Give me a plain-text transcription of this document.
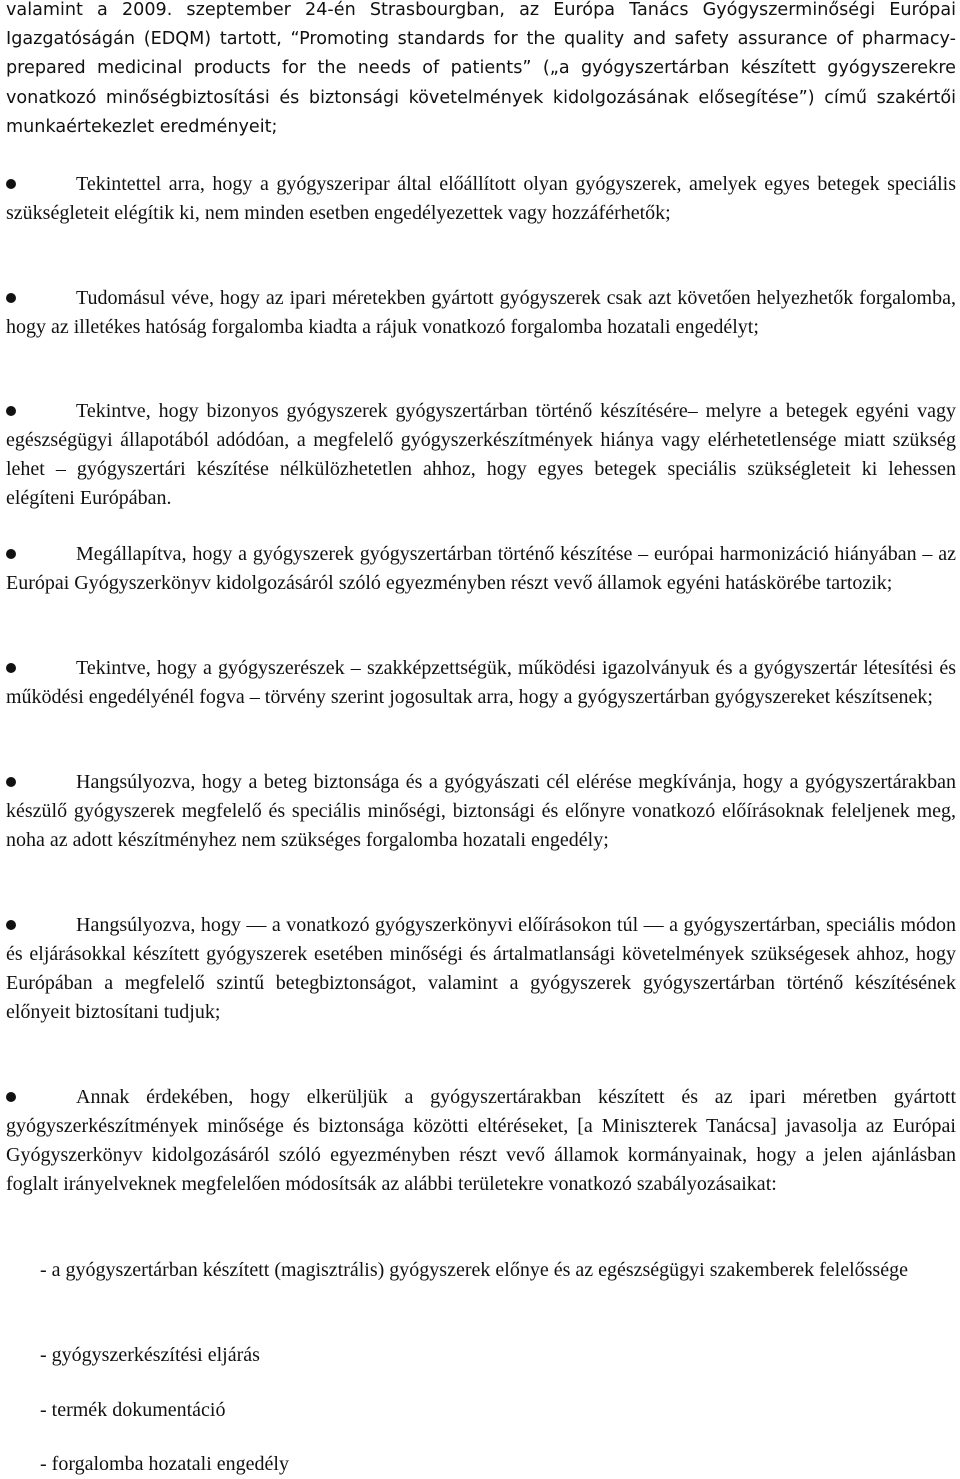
valamint a 2009. szeptember 24-én Strasbourgban, az Európa Tanács Gyógyszerminőségi Európai Igazgatóságán (EDQM) tartott, “Promoting standards for the quality and safety assurance of pharmacy-prepared medicinal products for the needs of patients” („a gyógyszertárban készített gyógyszerekre vonatkozó minőségbiztosítási és biztonsági követelmények kidolgozásának elősegítése”) című szakértői munkaértekezlet eredményeit;

Tekintettel arra, hogy a gyógyszeripar által előállított olyan gyógyszerek, amelyek egyes betegek speciális szükségleteit elégítik ki, nem minden esetben engedélyezettek vagy hozzáférhetők;

Tudomásul véve, hogy az ipari méretekben gyártott gyógyszerek csak azt követően helyezhetők forgalomba, hogy az illetékes hatóság forgalomba kiadta a rájuk vonatkozó forgalomba hozatali engedélyt;

Tekintve, hogy bizonyos gyógyszerek gyógyszertárban történő készítésére– melyre a betegek egyéni vagy egészségügyi állapotából adódóan, a megfelelő gyógyszerkészítmények hiánya vagy elérhetetlensége miatt szükség lehet – gyógyszertári készítése nélkülözhetetlen ahhoz, hogy egyes betegek speciális szükségleteit ki lehessen elégíteni Európában.

Megállapítva, hogy a gyógyszerek gyógyszertárban történő készítése – európai harmonizáció hiányában – az Európai Gyógyszerkönyv kidolgozásáról szóló egyezményben részt vevő államok egyéni hatáskörébe tartozik;

Tekintve, hogy a gyógyszerészek – szakképzettségük, működési igazolványuk és a gyógyszertár létesítési és működési engedélyénél fogva – törvény szerint jogosultak arra, hogy a gyógyszertárban gyógyszereket készítsenek;

Hangsúlyozva, hogy a beteg biztonsága és a gyógyászati cél elérése megkívánja, hogy a gyógyszertárakban készülő gyógyszerek megfelelő és speciális minőségi, biztonsági és előnyre vonatkozó előírásoknak feleljenek meg, noha az adott készítményhez nem szükséges forgalomba hozatali engedély;

Hangsúlyozva, hogy –– a vonatkozó gyógyszerkönyvi előírásokon túl –– a gyógyszertárban, speciális módon és eljárásokkal készített gyógyszerek esetében minőségi és ártalmatlansági követelmények szükségesek ahhoz, hogy Európában a megfelelő szintű betegbiztonságot, valamint a gyógyszerek gyógyszertárban történő készítésének előnyeit biztosítani tudjuk;

Annak érdekében, hogy elkerüljük a gyógyszertárakban készített és az ipari méretben gyártott gyógyszerkészítmények minősége és biztonsága közötti eltéréseket, [a Miniszterek Tanácsa] javasolja az Európai Gyógyszerkönyv kidolgozásáról szóló egyezményben részt vevő államok kormányainak, hogy a jelen ajánlásban foglalt irányelveknek megfelelően módosítsák az alábbi területekre vonatkozó szabályozásaikat:

- a gyógyszertárban készített (magisztrális) gyógyszerek előnye és az egészségügyi szakemberek felelőssége

- gyógyszerkészítési eljárás

- termék dokumentáció

- forgalomba hozatali engedély
